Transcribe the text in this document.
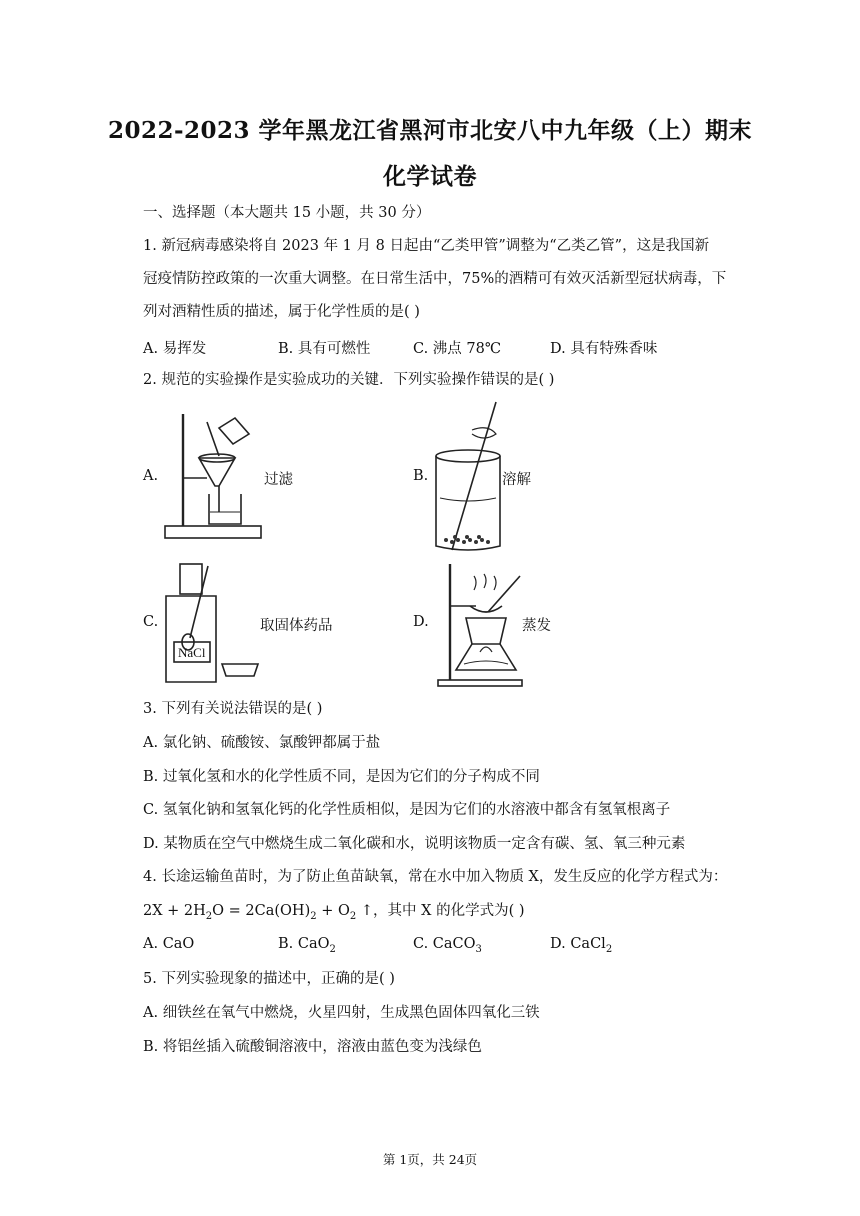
2022-2023 学年黑龙江省黑河市北安八中九年级（上）期末
化学试卷
一、选择题（本大题共 15 小题，共 30 分）
1. 新冠病毒感染将自 2023 年 1 月 8 日起由“乙类甲管”调整为“乙类乙管”，这是我国新
冠疫情防控政策的一次重大调整。在日常生活中，75%的酒精可有效灭活新型冠状病毒，下
列对酒精性质的描述，属于化学性质的是( )
A. 易挥发	B. 具有可燃性	C. 沸点 78℃	D. 具有特殊香味
2. 规范的实验操作是实验成功的关键．下列实验操作错误的是( )
A.	过滤	B.	溶解
C.
NaCl
取固体药品	D.	蒸发
3. 下列有关说法错误的是( )
A. 氯化钠、硫酸铵、氯酸钾都属于盐
B. 过氧化氢和水的化学性质不同，是因为它们的分子构成不同
C. 氢氧化钠和氢氧化钙的化学性质相似，是因为它们的水溶液中都含有氢氧根离子
D. 某物质在空气中燃烧生成二氧化碳和水，说明该物质一定含有碳、氢、氧三种元素
4. 长途运输鱼苗时，为了防止鱼苗缺氧，常在水中加入物质 X，发生反应的化学方程式为：
$2X + 2H_2O = 2Ca(OH)_2 + O_2$ ↑，其中 X 的化学式为( )
A. CaO	B. CaO$_2$	C. CaCO$_3$	D. CaCl$_2$
5. 下列实验现象的描述中，正确的是( )
A. 细铁丝在氧气中燃烧，火星四射，生成黑色固体四氧化三铁
B. 将铝丝插入硫酸铜溶液中，溶液由蓝色变为浅绿色
第 1页，共 24页
